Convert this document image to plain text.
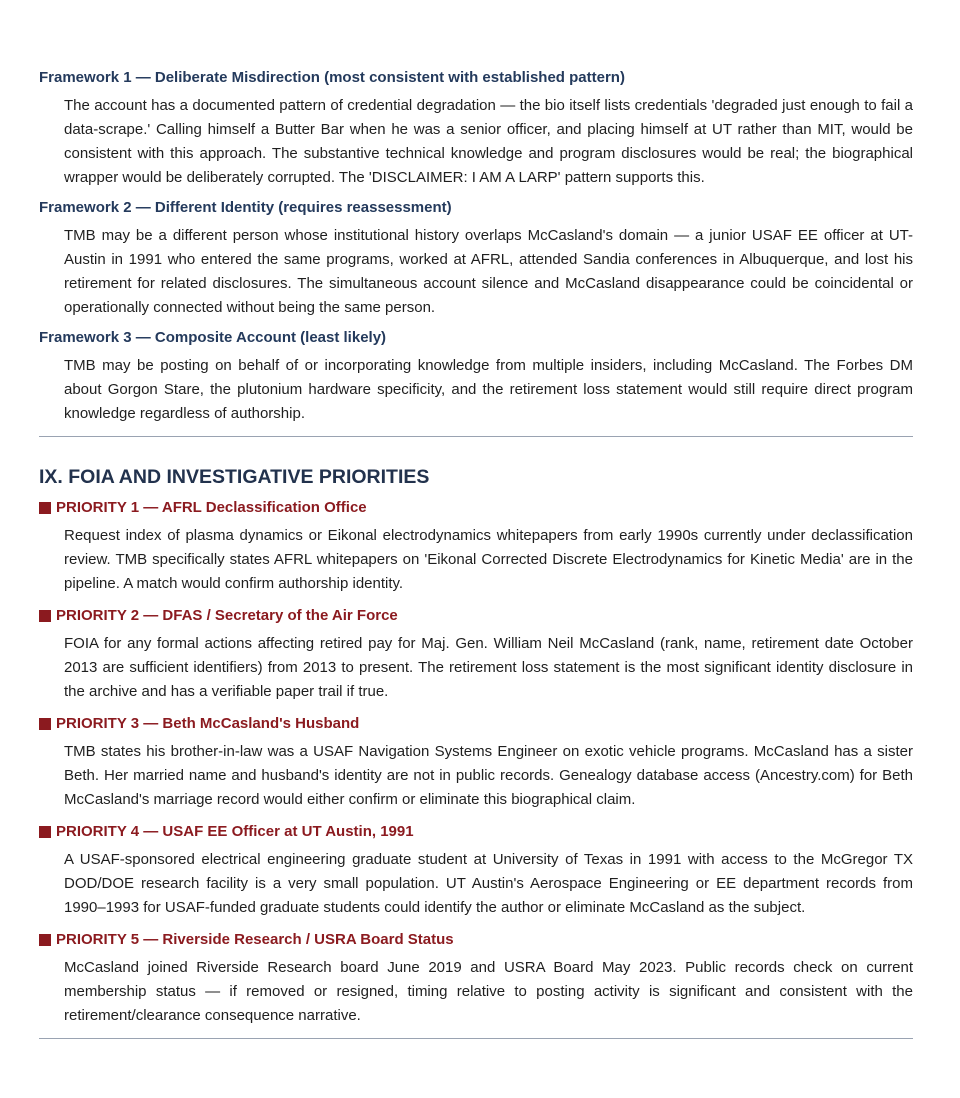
Framework 1 — Deliberate Misdirection (most consistent with established pattern)

The account has a documented pattern of credential degradation — the bio itself lists credentials 'degraded just enough to fail a data-scrape.' Calling himself a Butter Bar when he was a senior officer, and placing himself at UT rather than MIT, would be consistent with this approach. The substantive technical knowledge and program disclosures would be real; the biographical wrapper would be deliberately corrupted. The 'DISCLAIMER: I AM A LARP' pattern supports this.

Framework 2 — Different Identity (requires reassessment)

TMB may be a different person whose institutional history overlaps McCasland's domain — a junior USAF EE officer at UT-Austin in 1991 who entered the same programs, worked at AFRL, attended Sandia conferences in Albuquerque, and lost his retirement for related disclosures. The simultaneous account silence and McCasland disappearance could be coincidental or operationally connected without being the same person.

Framework 3 — Composite Account (least likely)

TMB may be posting on behalf of or incorporating knowledge from multiple insiders, including McCasland. The Forbes DM about Gorgon Stare, the plutonium hardware specificity, and the retirement loss statement would still require direct program knowledge regardless of authorship.

IX. FOIA AND INVESTIGATIVE PRIORITIES

PRIORITY 1 — AFRL Declassification Office

Request index of plasma dynamics or Eikonal electrodynamics whitepapers from early 1990s currently under declassification review. TMB specifically states AFRL whitepapers on 'Eikonal Corrected Discrete Electrodynamics for Kinetic Media' are in the pipeline. A match would confirm authorship identity.

PRIORITY 2 — DFAS / Secretary of the Air Force

FOIA for any formal actions affecting retired pay for Maj. Gen. William Neil McCasland (rank, name, retirement date October 2013 are sufficient identifiers) from 2013 to present. The retirement loss statement is the most significant identity disclosure in the archive and has a verifiable paper trail if true.

PRIORITY 3 — Beth McCasland's Husband

TMB states his brother-in-law was a USAF Navigation Systems Engineer on exotic vehicle programs. McCasland has a sister Beth. Her married name and husband's identity are not in public records. Genealogy database access (Ancestry.com) for Beth McCasland's marriage record would either confirm or eliminate this biographical claim.

PRIORITY 4 — USAF EE Officer at UT Austin, 1991

A USAF-sponsored electrical engineering graduate student at University of Texas in 1991 with access to the McGregor TX DOD/DOE research facility is a very small population. UT Austin's Aerospace Engineering or EE department records from 1990–1993 for USAF-funded graduate students could identify the author or eliminate McCasland as the subject.

PRIORITY 5 — Riverside Research / USRA Board Status

McCasland joined Riverside Research board June 2019 and USRA Board May 2023. Public records check on current membership status — if removed or resigned, timing relative to posting activity is significant and consistent with the retirement/clearance consequence narrative.
